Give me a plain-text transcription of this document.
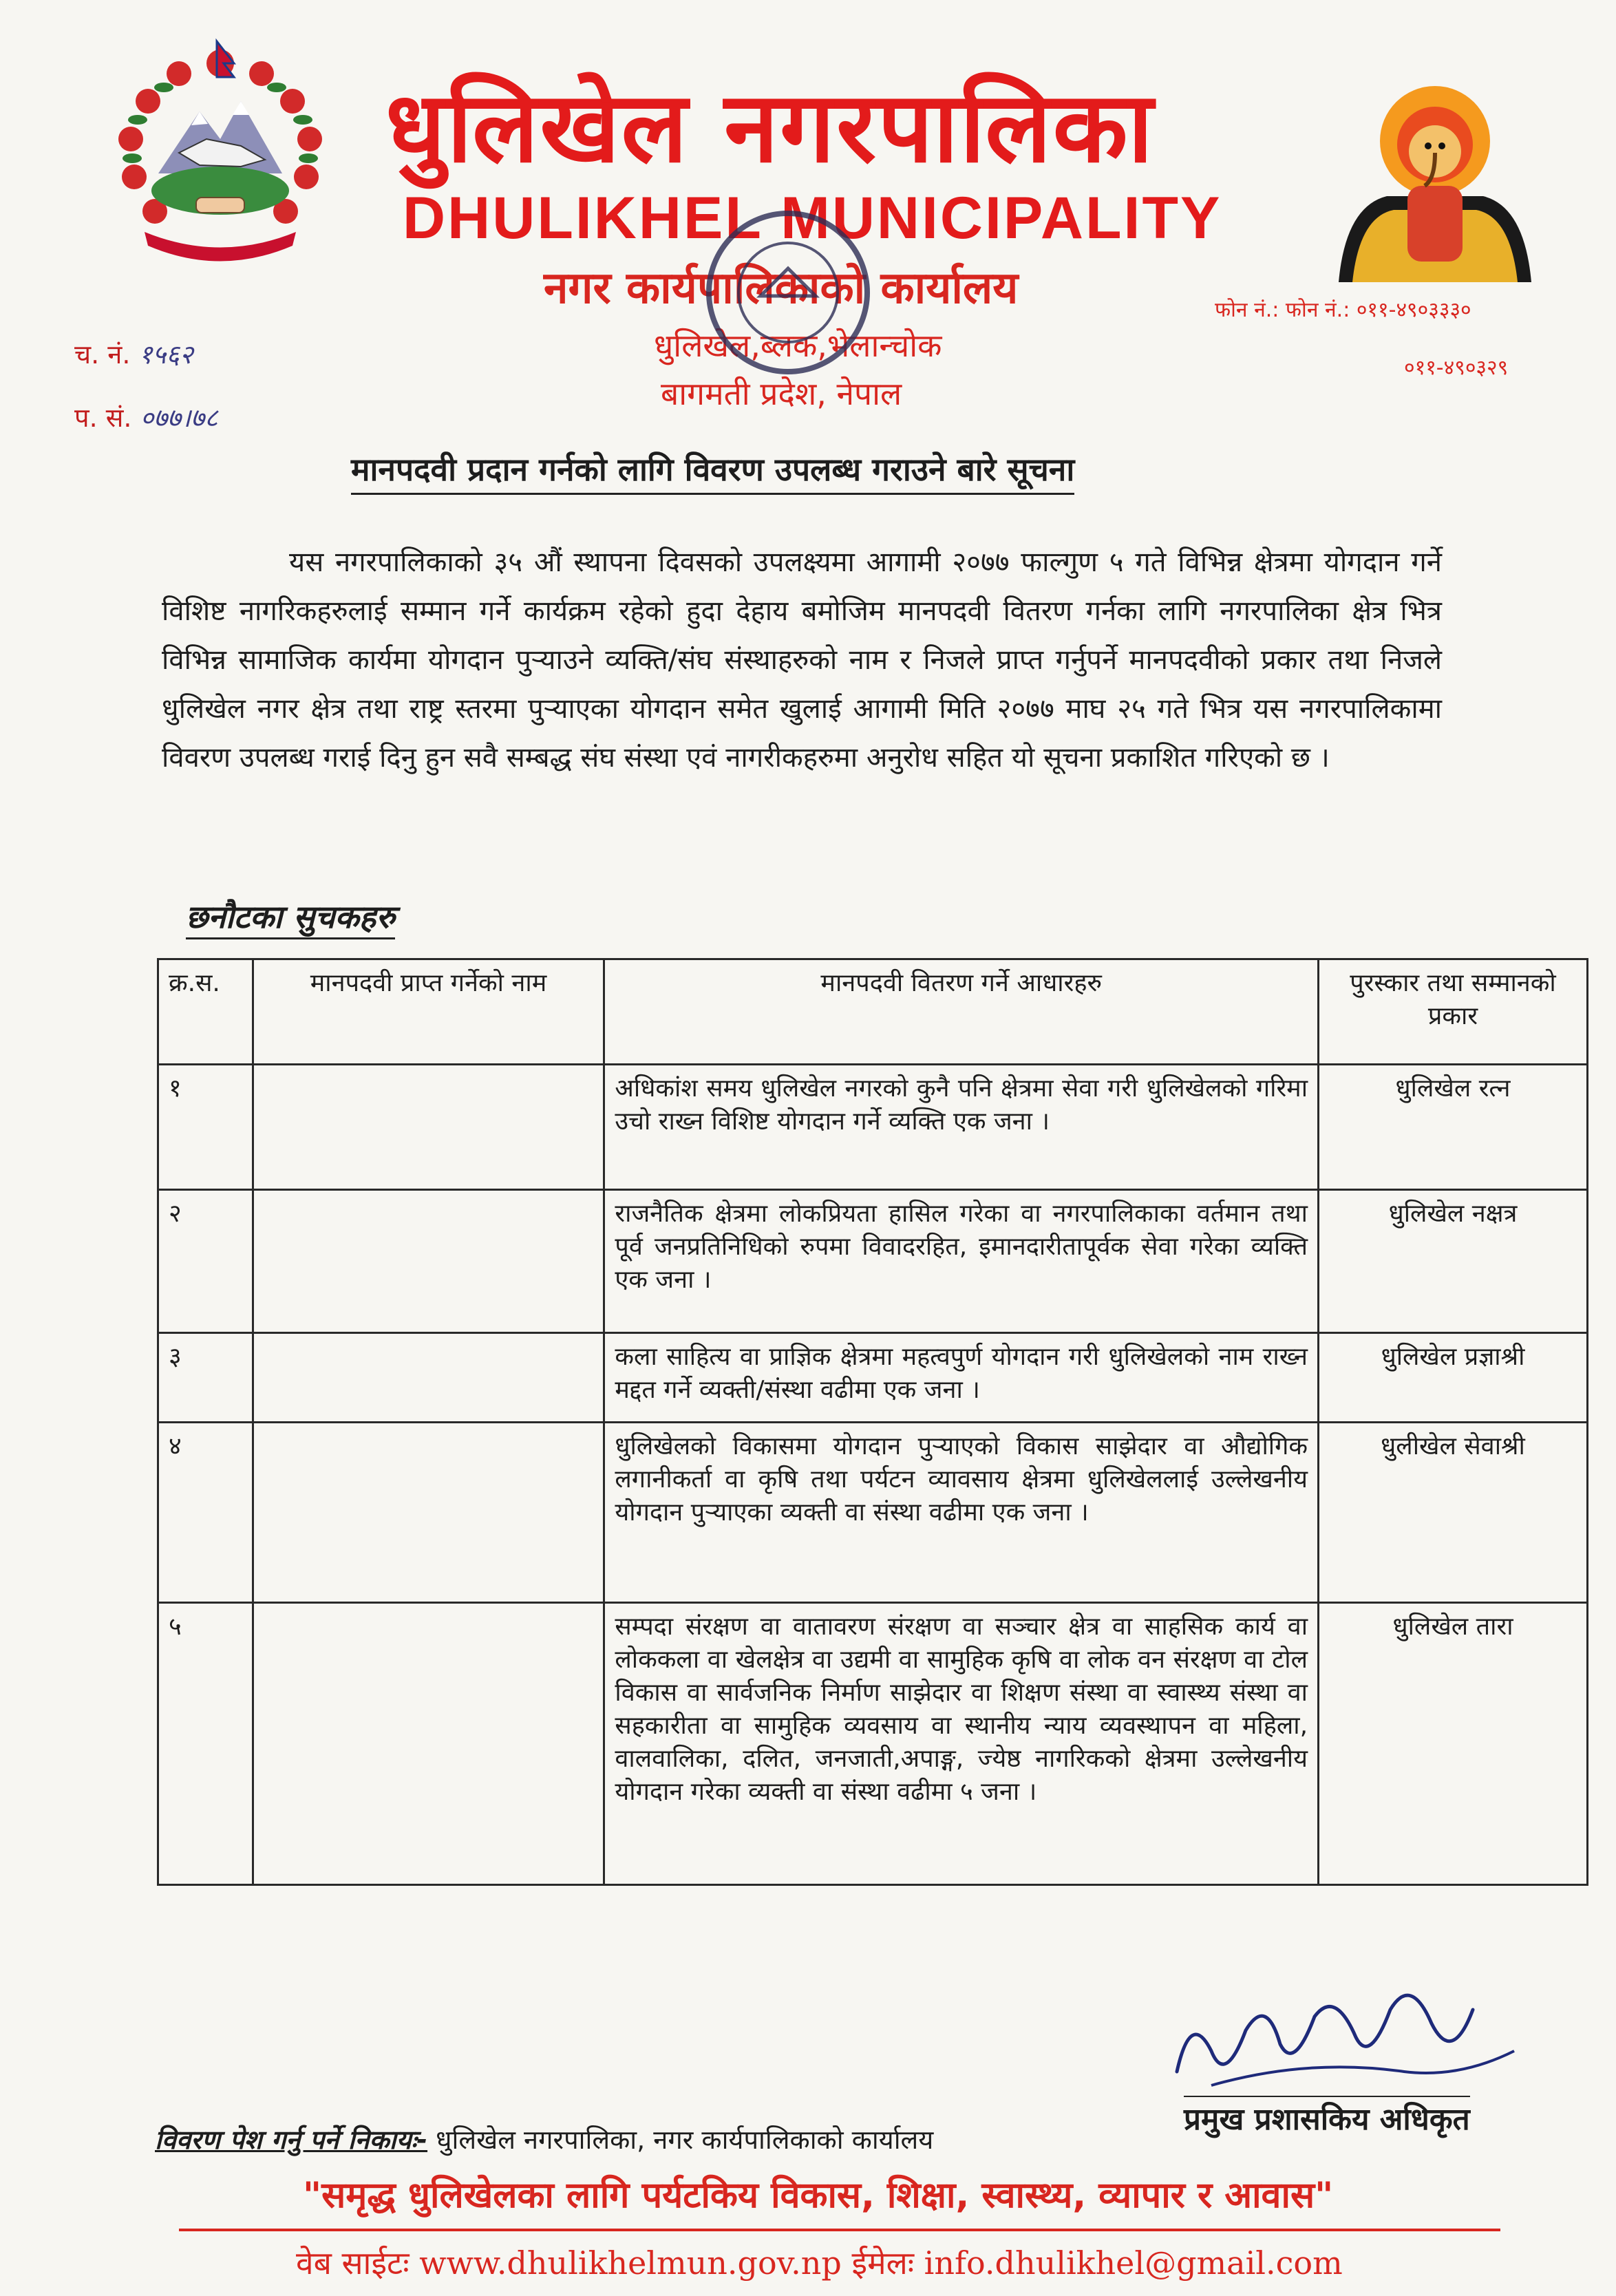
धुलिखेल नगरपालिका
DHULIKHEL MUNICIPALITY
नगर कार्यपालिकाको कार्यालय
धुलिखेल,ब्लक,भेलान्चोक
बागमती प्रदेश, नेपाल
फोन नं.: फोन नं.: ०११-४९०३३३०
०११-४९०३२९
च. नं. १५६२
प. सं. ०७७।७८
मानपदवी प्रदान गर्नको लागि विवरण उपलब्ध गराउने बारे सूचना
यस नगरपालिकाको ३५ औं स्थापना दिवसको उपलक्ष्यमा आगामी २०७७ फाल्गुण ५ गते विभिन्न क्षेत्रमा योगदान गर्ने विशिष्ट नागरिकहरुलाई सम्मान गर्ने कार्यक्रम रहेको हुदा देहाय बमोजिम मानपदवी वितरण गर्नका लागि नगरपालिका क्षेत्र भित्र विभिन्न सामाजिक कार्यमा योगदान पुऱ्याउने व्यक्ति/संघ संस्थाहरुको नाम र निजले प्राप्त गर्नुपर्ने मानपदवीको प्रकार तथा निजले धुलिखेल नगर क्षेत्र तथा राष्ट्र स्तरमा पुऱ्याएका योगदान समेत खुलाई आगामी मिति २०७७ माघ २५ गते भित्र यस नगरपालिकामा विवरण उपलब्ध गराई दिनु हुन सवै सम्बद्ध संघ संस्था एवं नागरीकहरुमा अनुरोध सहित यो सूचना प्रकाशित गरिएको छ ।
छनौटका सुचकहरु
क्र.स.	मानपदवी प्राप्त गर्नेको नाम	मानपदवी वितरण गर्ने आधारहरु	पुरस्कार तथा सम्मानको प्रकार
१		अधिकांश समय धुलिखेल नगरको कुनै पनि क्षेत्रमा सेवा गरी धुलिखेलको गरिमा उचो राख्न विशिष्ट योगदान गर्ने व्यक्ति एक जना ।	धुलिखेल रत्न
२		राजनैतिक क्षेत्रमा लोकप्रियता हासिल गरेका वा नगरपालिकाका वर्तमान तथा पूर्व जनप्रतिनिधिको रुपमा विवादरहित, इमानदारीतापूर्वक सेवा गरेका व्यक्ति एक जना ।	धुलिखेल नक्षत्र
३		कला साहित्य वा प्राज्ञिक क्षेत्रमा महत्वपुर्ण योगदान गरी धुलिखेलको नाम राख्न मद्दत गर्ने व्यक्ती/संस्था वढीमा एक जना ।	धुलिखेल प्रज्ञाश्री
४		धुलिखेलको विकासमा योगदान पुऱ्याएको विकास साझेदार वा औद्योगिक लगानीकर्ता वा कृषि तथा पर्यटन व्यावसाय क्षेत्रमा धुलिखेललाई उल्लेखनीय योगदान पुऱ्याएका व्यक्ती वा संस्था वढीमा एक जना ।	धुलीखेल सेवाश्री
५		सम्पदा संरक्षण वा वातावरण संरक्षण वा सञ्चार क्षेत्र वा साहसिक कार्य वा लोककला वा खेलक्षेत्र वा उद्यमी वा सामुहिक कृषि वा लोक वन संरक्षण वा टोल विकास वा सार्वजनिक निर्माण साझेदार वा शिक्षण संस्था वा स्वास्थ्य संस्था वा सहकारीता वा सामुहिक व्यवसाय वा स्थानीय न्याय व्यवस्थापन वा महिला, वालवालिका, दलित, जनजाती,अपाङ्ग, ज्येष्ठ नागरिकको क्षेत्रमा उल्लेखनीय योगदान गरेका व्यक्ती वा संस्था वढीमा ५ जना ।	धुलिखेल तारा
विवरण पेश गर्नु पर्ने निकायः- धुलिखेल नगरपालिका, नगर कार्यपालिकाको कार्यालय
प्रमुख प्रशासकिय अधिकृत
"समृद्ध धुलिखेलका लागि पर्यटकिय विकास, शिक्षा, स्वास्थ्य, व्यापार र आवास"
वेब साईटः www.dhulikhelmun.gov.np ईमेलः info.dhulikhel@gmail.com
